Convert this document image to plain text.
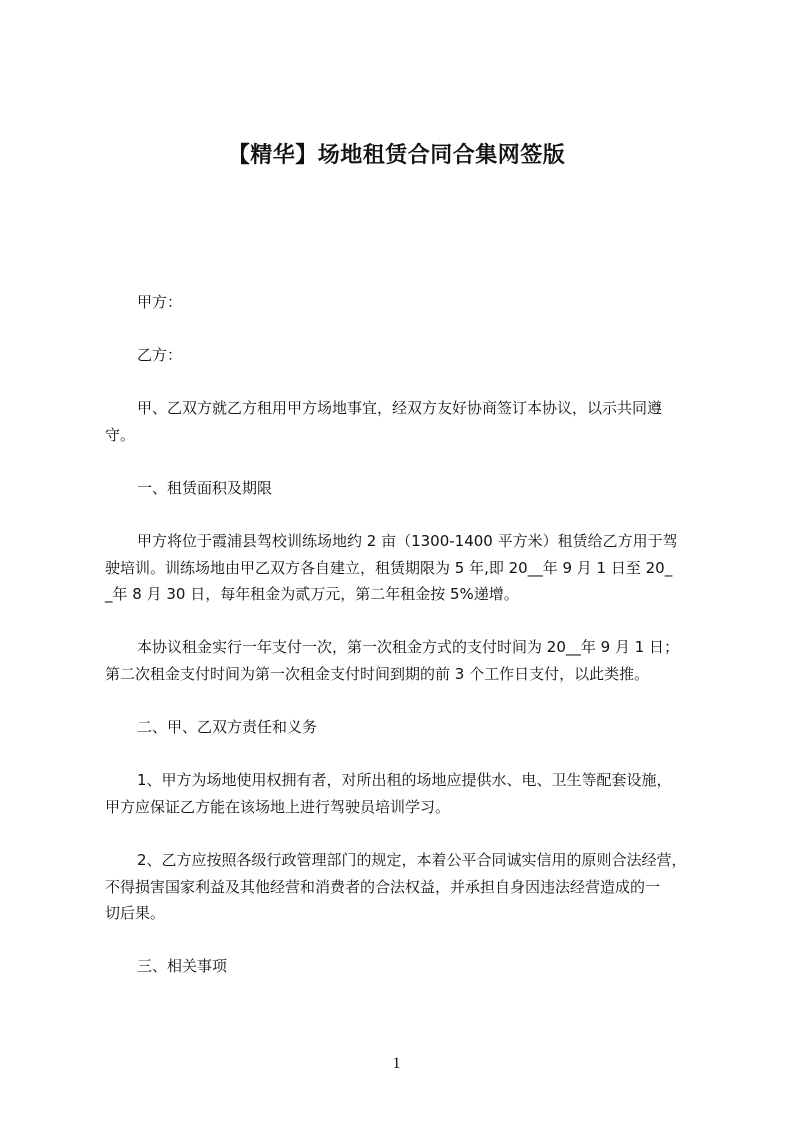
【精华】场地租赁合同合集网签版
甲方：
乙方：
甲、乙双方就乙方租用甲方场地事宜，经双方友好协商签订本协议，以示共同遵
守。
一、租赁面积及期限
甲方将位于霞浦县驾校训练场地约 2 亩（1300-1400 平方米）租赁给乙方用于驾
驶培训。训练场地由甲乙双方各自建立，租赁期限为 5 年,即 20__年 9 月 1 日至 20_
_年 8 月 30 日，每年租金为贰万元，第二年租金按 5%递增。
本协议租金实行一年支付一次，第一次租金方式的支付时间为 20__年 9 月 1 日；
第二次租金支付时间为第一次租金支付时间到期的前 3 个工作日支付，以此类推。
二、甲、乙双方责任和义务
1、甲方为场地使用权拥有者，对所出租的场地应提供水、电、卫生等配套设施，
甲方应保证乙方能在该场地上进行驾驶员培训学习。
2、乙方应按照各级行政管理部门的规定，本着公平合同诚实信用的原则合法经营，
不得损害国家利益及其他经营和消费者的合法权益，并承担自身因违法经营造成的一
切后果。
三、相关事项
1
